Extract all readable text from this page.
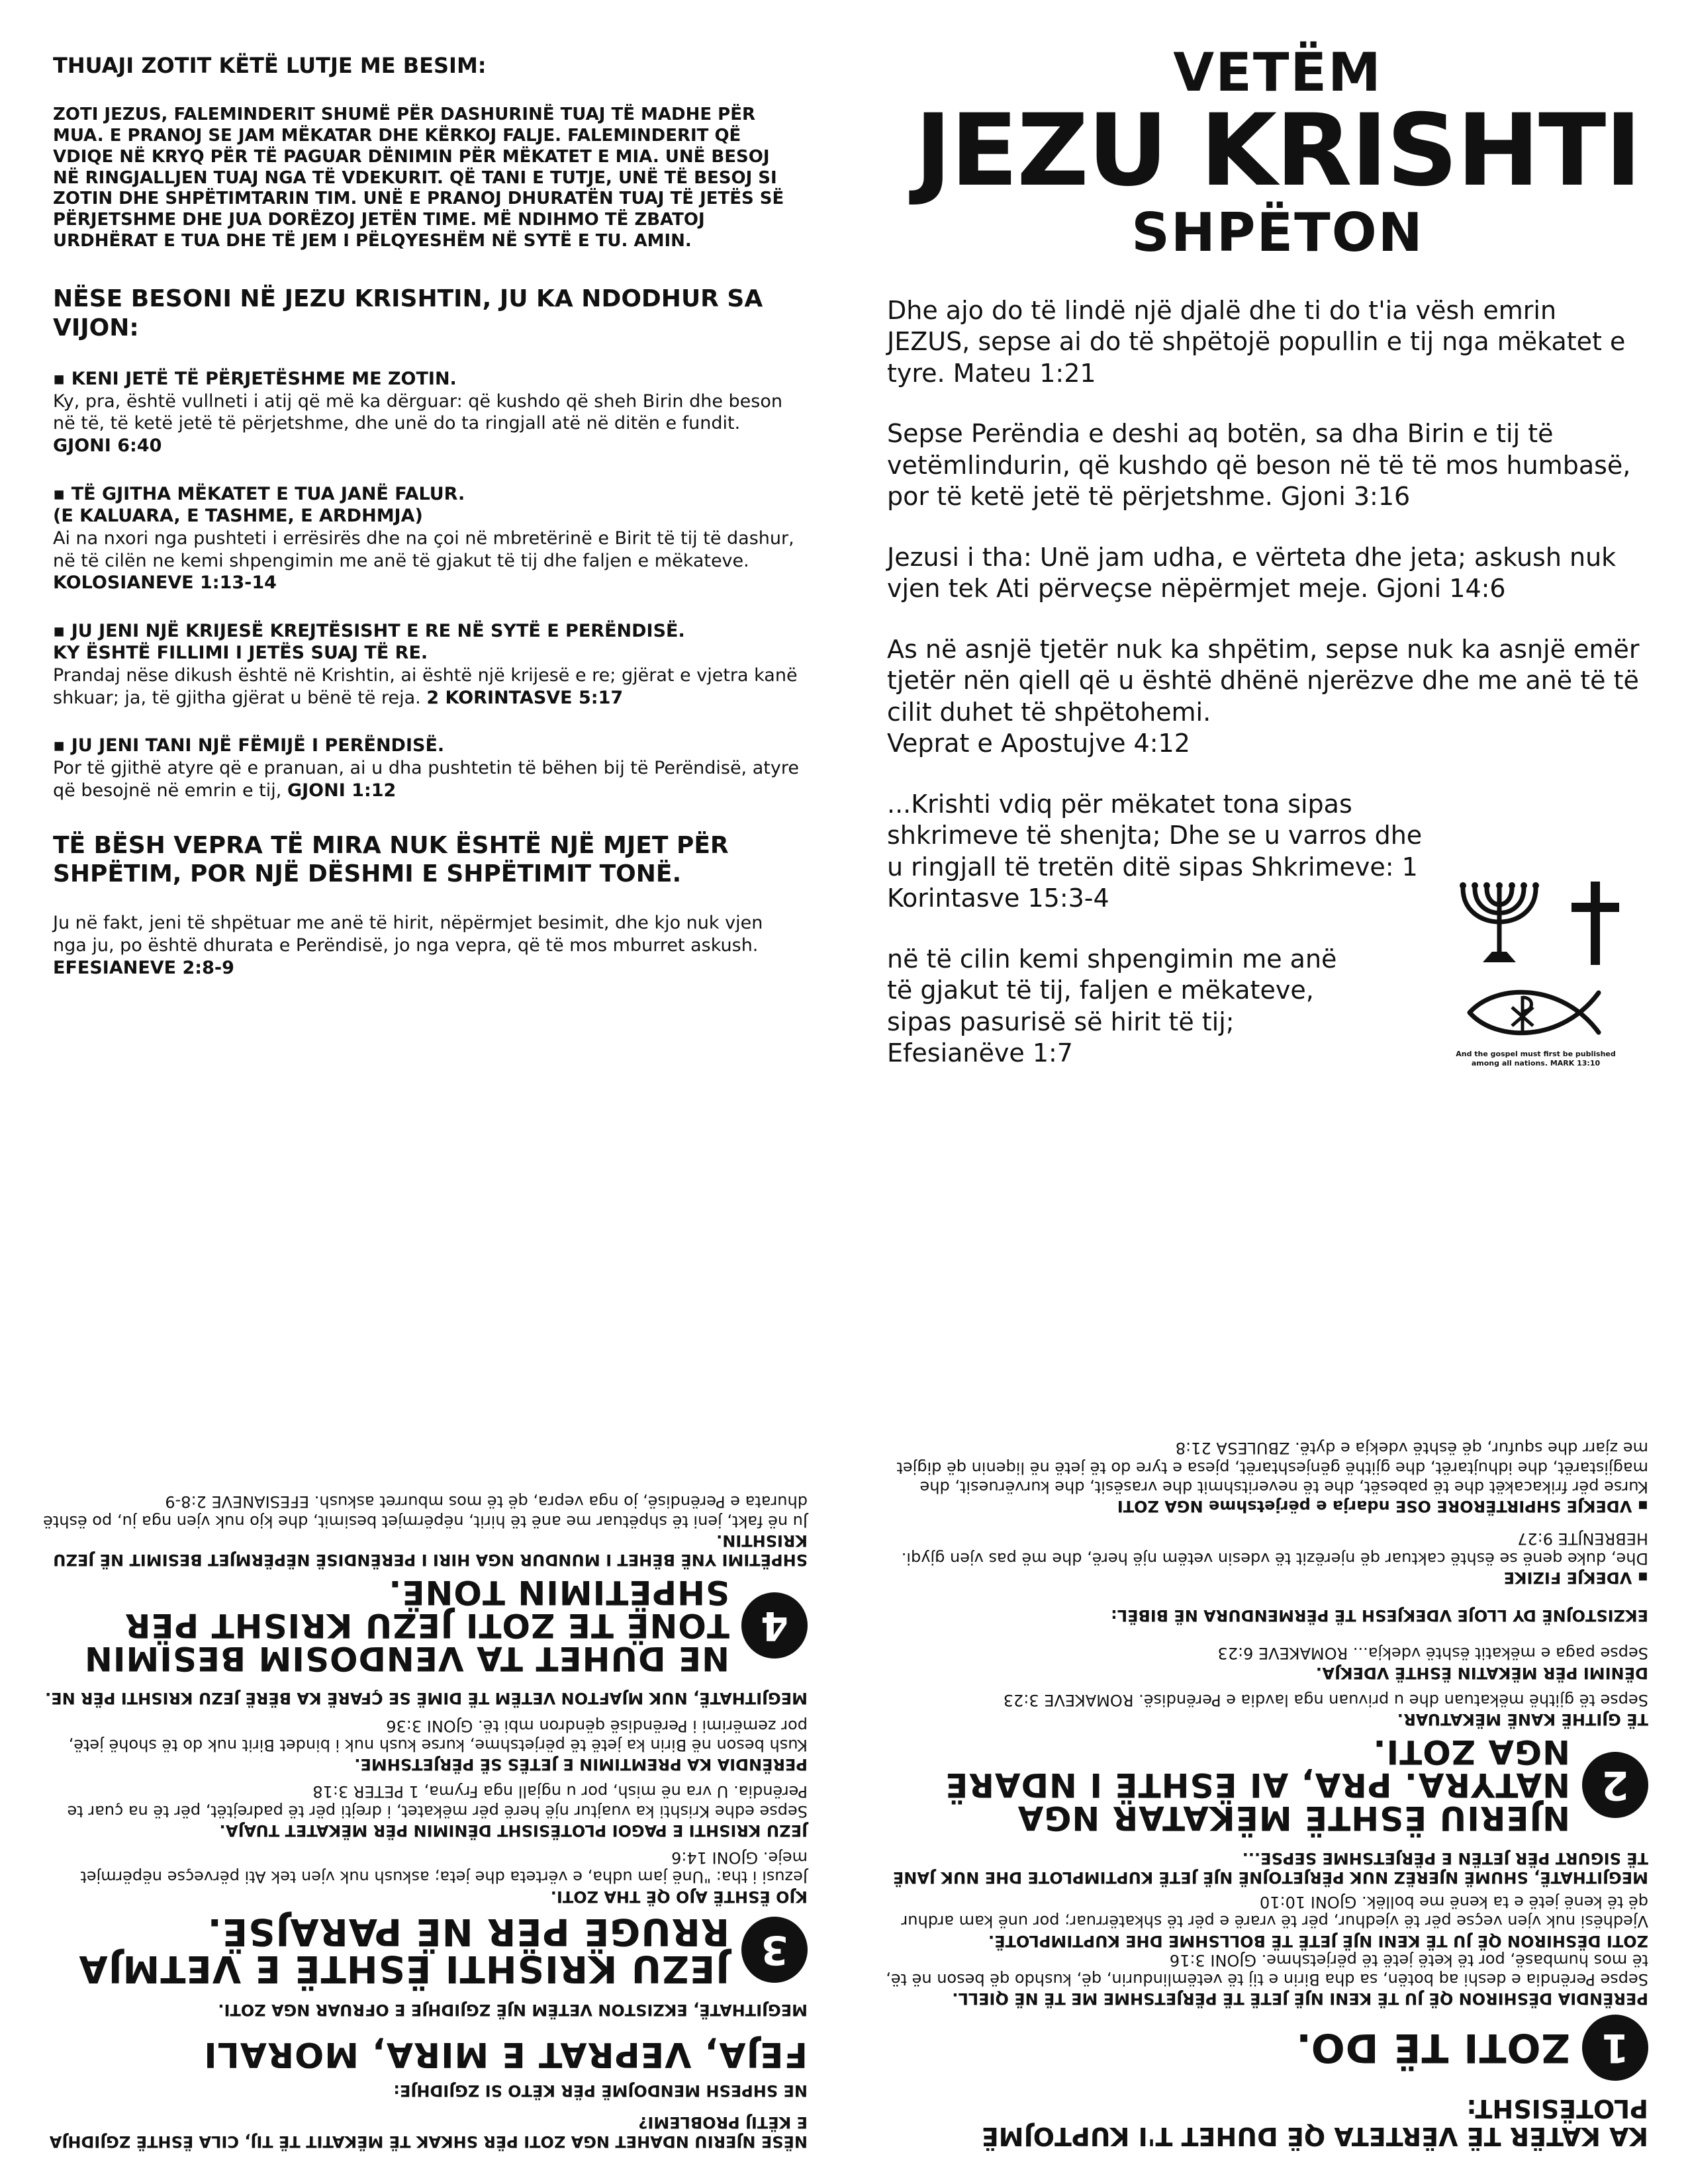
THUAJI ZOTIT KËTË LUTJE ME BESIM:
ZOTI JEZUS, FALEMINDERIT SHUMË PËR DASHURINË TUAJ TË MADHE PËR MUA. E PRANOJ SE JAM MËKATAR DHE KËRKOJ FALJE. FALEMINDERIT QË VDIQE NË KRYQ PËR TË PAGUAR DËNIMIN PËR MËKATET E MIA. UNË BESOJ NË RINGJALLJEN TUAJ NGA TË VDEKURIT. QË TANI E TUTJE, UNË TË BESOJ SI ZOTIN DHE SHPËTIMTARIN TIM. UNË E PRANOJ DHURATËN TUAJ TË JETËS SË PËRJETSHME DHE JUA DORËZOJ JETËN TIME. MË NDIHMO TË ZBATOJ URDHËRAT E TUA DHE TË JEM I PËLQYESHËM NË SYTË E TU. AMIN.
NËSE BESONI NË JEZU KRISHTIN, JU KA NDODHUR SA VIJON:
▪ KENI JETË TË PËRJETËSHME ME ZOTIN.
Ky, pra, është vullneti i atij që më ka dërguar: që kushdo që sheh Birin dhe beson në të, të ketë jetë të përjetshme, dhe unë do ta ringjall atë në ditën e fundit. GJONI 6:40
▪ TË GJITHA MËKATET E TUA JANË FALUR.
(E KALUARA, E TASHME, E ARDHMJA)
Ai na nxori nga pushteti i errësirës dhe na çoi në mbretërinë e Birit të tij të dashur, në të cilën ne kemi shpengimin me anë të gjakut të tij dhe faljen e mëkateve. KOLOSIANEVE 1:13-14
▪ JU JENI NJË KRIJESË KREJTËSISHT E RE NË SYTË E PERËNDISË.
KY ËSHTË FILLIMI I JETËS SUAJ TË RE.
Prandaj nëse dikush është në Krishtin, ai është një krijesë e re; gjërat e vjetra kanë shkuar; ja, të gjitha gjërat u bënë të reja. 2 KORINTASVE 5:17
▪ JU JENI TANI NJË FËMIJË I PERËNDISË.
Por të gjithë atyre që e pranuan, ai u dha pushtetin të bëhen bij të Perëndisë, atyre që besojnë në emrin e tij, GJONI 1:12
TË BËSH VEPRA TË MIRA NUK ËSHTË NJË MJET PËR SHPËTIM, POR NJË DËSHMI E SHPËTIMIT TONË.
Ju në fakt, jeni të shpëtuar me anë të hirit, nëpërmjet besimit, dhe kjo nuk vjen nga ju, po është dhurata e Perëndisë, jo nga vepra, që të mos mburret askush. EFESIANEVE 2:8-9
VETËM
JEZU KRISHTI
SHPËTON
Dhe ajo do të lindë një djalë dhe ti do t'ia vësh emrin JEZUS, sepse ai do të shpëtojë popullin e tij nga mëkatet e tyre. Mateu 1:21
Sepse Perëndia e deshi aq botën, sa dha Birin e tij të vetëmlindurin, që kushdo që beson në të të mos humbasë, por të ketë jetë të përjetshme. Gjoni 3:16
Jezusi i tha: Unë jam udha, e vërteta dhe jeta; askush nuk vjen tek Ati përveçse nëpërmjet meje. Gjoni 14:6
As në asnjë tjetër nuk ka shpëtim, sepse nuk ka asnjë emër tjetër nën qiell që u është dhënë njerëzve dhe me anë të të cilit duhet të shpëtohemi.
Veprat e Apostujve 4:12
...Krishti vdiq për mëkatet tona sipas shkrimeve të shenjta; Dhe se u varros dhe u ringjall të tretën ditë sipas Shkrimeve: 1 Korintasve 15:3-4
në të cilin kemi shpengimin me anë të gjakut të tij, faljen e mëkateve, sipas pasurisë së hirit të tij; Efesianëve 1:7	And the gospel must first be published among all nations. MARK 13:10
KA KATËR TË VËRTETA QË DUHET T'I KUPTOJMË PLOTËSISHT:
1
ZOTI TË DO.
PERËNDIA DËSHIRON QË JU TË KENI NJË JETË TË PËRJETSHME ME TË NË QIELL.
Sepse Perëndia e deshi aq botën, sa dha Birin e tij të vetëmlindurin, që, kushdo që beson në të, të mos humbasë, por të ketë jetë të përjetshme. GJONI 3:16
ZOTI DËSHIRON QË JU TË KENI NJË JETË TË BOLLSHME DHE KUPTIMPLOTË.
Vjedhësi nuk vjen veçse për të vjedhur, për të vrarë e për të shkatërruar; por unë kam ardhur që të kenë jetë e ta kenë me bollëk. GJONI 10:10
MEGJITHATË, SHUMË NJERËZ NUK PËRJETOJNË NJË JETË KUPTIMPLOTE DHE NUK JANË TË SIGURT PËR JETËN E PËRJETSHME SEPSE...
2
NJERIU ËSHTË MËKATAR NGA NATYRA. PRA, AI ËSHTË I NDARË NGA ZOTI.
TË GJITHË KANË MËKATUAR.
Sepse të gjithë mëkatuan dhe u privuan nga lavdia e Perëndisë. ROMAKEVE 3:23
DËNIMI PËR MËKATIN ËSHTË VDEKJA.
Sepse paga e mëkatit është vdekja... ROMAKEVE 6:23
EKZISTOJNË DY LLOJE VDEKJESH TË PËRMENDURA NË BIBËL:
▪ VDEKJE FIZIKE
Dhe, duke qenë se është caktuar që njerëzit të vdesin vetëm një herë, dhe më pas vjen gjyqi. HEBRENJTE 9:27
▪ VDEKJE SHPIRTËRORE OSE ndarja e përjetshme NGA ZOTI
Kurse për frikacakët dhe të pabesët, dhe të neveritshmit dhe vrasësit, dhe kurvëruesit, dhe magjistarët, dhe idhujtarët, dhe gjithë gënjeshtarët, pjesa e tyre do të jetë në liqenin që digjet me zjarr dhe squfur, që është vdekja e dytë. ZBULESA 21:8
NËSE NJERIU NDAHET NGA ZOTI PËR SHKAK TË MËKATIT TË TIJ, CILA ËSHTË ZGJIDHJA E KËTIJ PROBLEMI?
NE SHPESH MENDOJMË PËR KËTO SI ZGJIDHJE:
FEJA, VEPRAT E MIRA, MORALI
MEGJITHATË, EKZISTON VETËM NJË ZGJIDHJE E OFRUAR NGA ZOTI.
3
JEZU KRISHTI ËSHTË E VETMJA RRUGË PËR NË PARAJSË.
KJO ËSHTË AJO QË THA ZOTI.
Jezusi i tha: "Unë jam udha, e vërteta dhe jeta; askush nuk vjen tek Ati përveçse nëpërmjet meje. GJONI 14:6
JEZU KRISHTI E PAGOI PLOTËSISHT DËNIMIN PËR MËKATET TUAJA.
Sepse edhe Krishti ka vuajtur një herë për mëkatet, i drejti për të padrejtët, për të na çuar te Perëndia. U vra në mish, por u ngjall nga Fryma, 1 PETER 3:18
PERËNDIA KA PREMTIMIN E JETËS SË PËRJETSHME.
Kush beson në Birin ka jetë të përjetshme, kurse kush nuk i bindet Birit nuk do të shohë jetë, por zemërimi i Perëndisë qëndron mbi të. GJONI 3:36
MEGJITHATË, NUK MJAFTON VETËM TË DIMË SE ÇFARË KA BËRË JEZU KRISHTI PËR NE.
4
NE DUHET TA VENDOSIM BESIMIN TONË TE ZOTI JEZU KRISHT PËR SHPËTIMIN TONË.
SHPËTIMI YNË BËHET I MUNDUR NGA HIRI I PERËNDISË NËPËRMJET BESIMIT NË JEZU KRISHTIN.
Ju në fakt, jeni të shpëtuar me anë të hirit, nëpërmjet besimit, dhe kjo nuk vjen nga ju, po është dhurata e Perëndisë, jo nga vepra, që të mos mburret askush. EFESIANEVE 2:8-9
